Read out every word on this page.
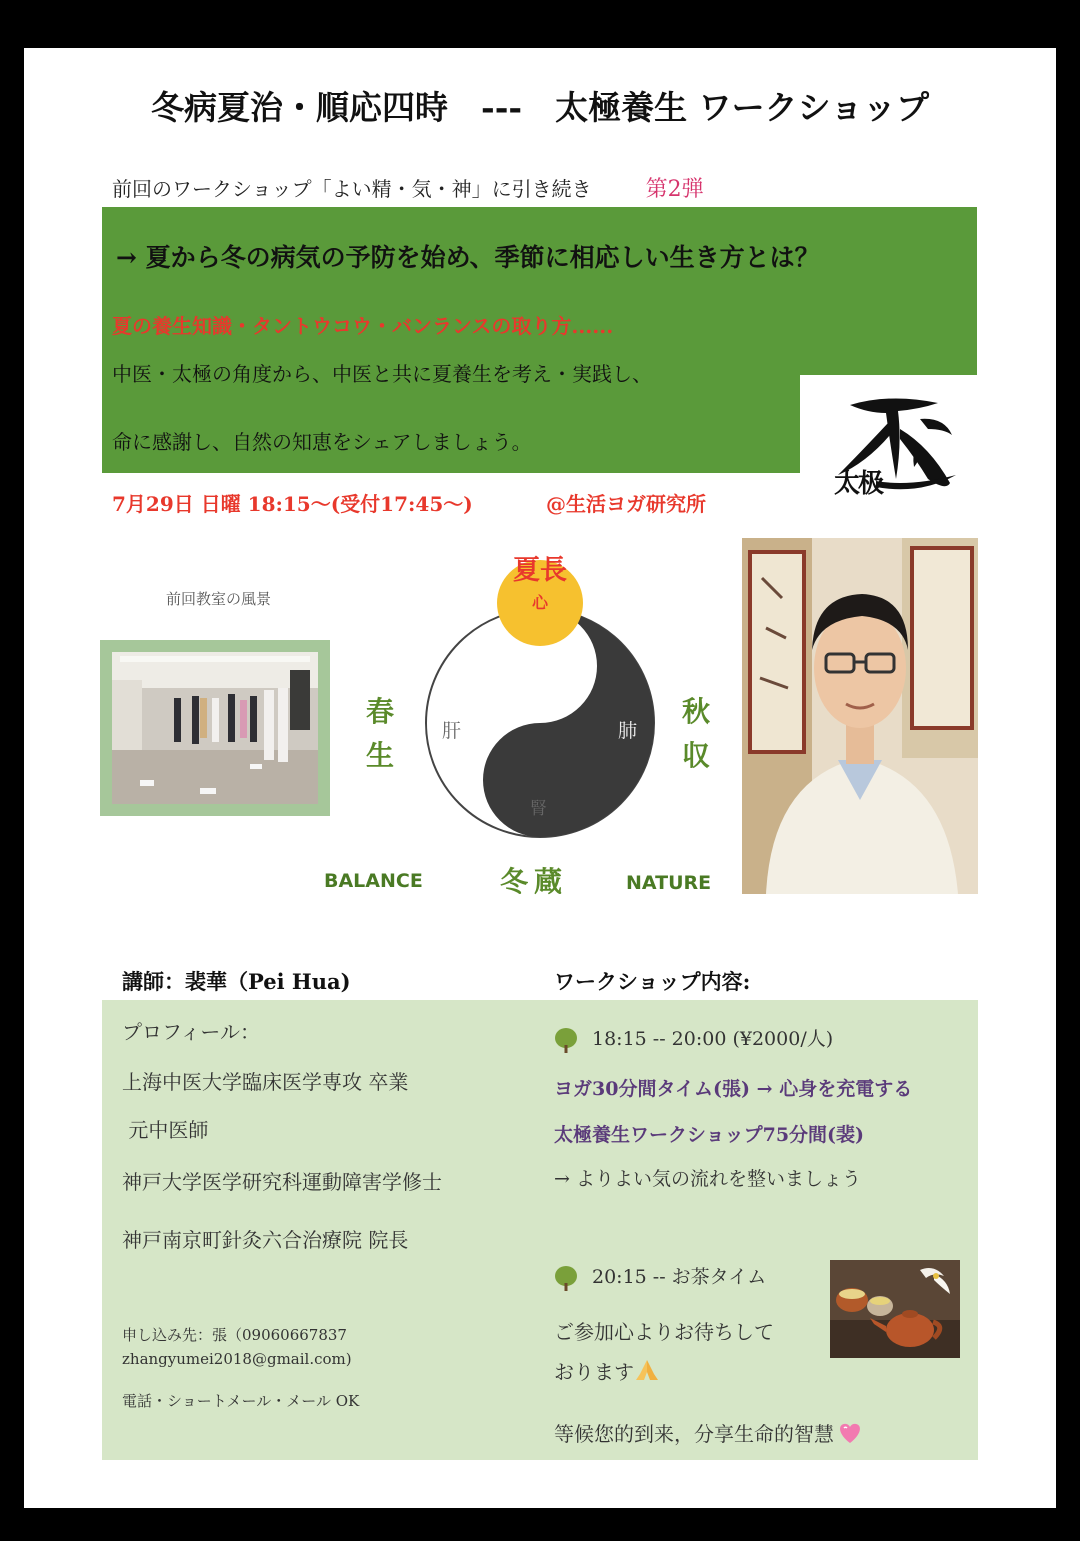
冬病夏治・順応四時　---　太極養生 ワークショップ
前回のワークショップ「よい精・気・神」に引き続き 第2弾
→ 夏から冬の病気の予防を始め、季節に相応しい生き方とは？
夏の養生知識・タントウコウ・バンランスの取り方......
中医・太極の角度から、中医と共に夏養生を考え・実践し、
命に感謝し、自然の知恵をシェアしましょう。
太极
7月29日 日曜 18:15〜(受付17:45〜)	@生活ヨガ研究所
前回教室の風景
夏長
心
春
生
秋
収
肝	肺
腎
冬蔵
BALANCE	NATURE
講師：裴華（Pei Hua)	ワークショップ内容:
プロフィール：
上海中医大学臨床医学専攻 卒業
元中医師
神戸大学医学研究科運動障害学修士
神戸南京町針灸六合治療院 院長
申し込み先：張（09060667837
zhangyumei2018@gmail.com)
電話・ショートメール・メール OK
18:15 -- 20:00 (¥2000/人)
ヨガ30分間タイム(張) → 心身を充電する
太極養生ワークショップ75分間(裴)
→ よりよい気の流れを整いましょう
20:15 -- お茶タイム
ご参加心よりお待ちして
おります
等候您的到来，分享生命的智慧
